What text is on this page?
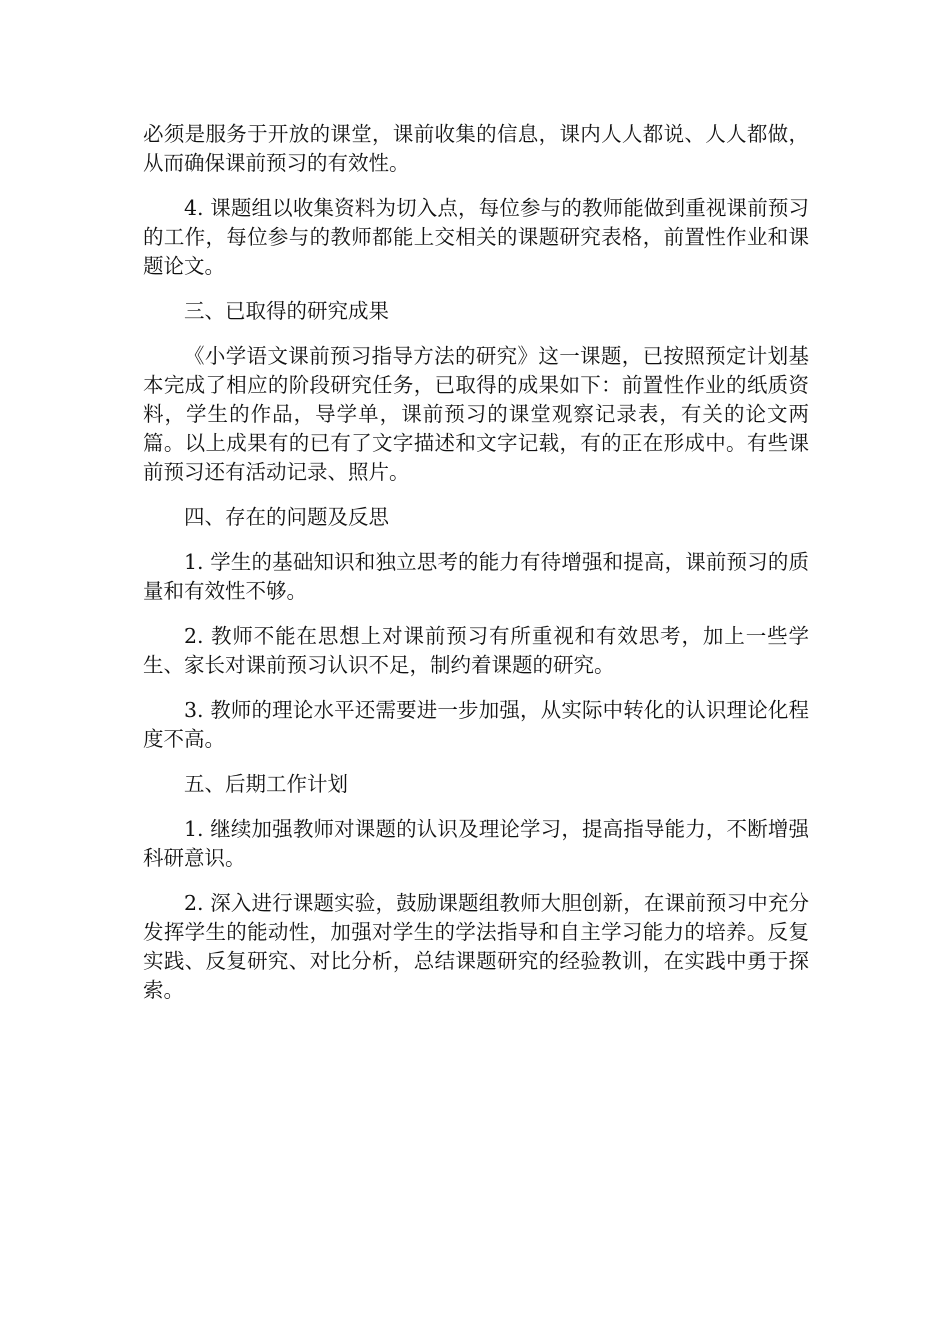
必须是服务于开放的课堂，课前收集的信息，课内人人都说、人人都做，从而确保课前预习的有效性。

4. 课题组以收集资料为切入点，每位参与的教师能做到重视课前预习的工作，每位参与的教师都能上交相关的课题研究表格，前置性作业和课题论文。

三、已取得的研究成果

《小学语文课前预习指导方法的研究》这一课题，已按照预定计划基本完成了相应的阶段研究任务，已取得的成果如下：前置性作业的纸质资料，学生的作品，导学单，课前预习的课堂观察记录表，有关的论文两篇。以上成果有的已有了文字描述和文字记载，有的正在形成中。有些课前预习还有活动记录、照片。

四、存在的问题及反思

1. 学生的基础知识和独立思考的能力有待增强和提高，课前预习的质量和有效性不够。

2. 教师不能在思想上对课前预习有所重视和有效思考，加上一些学生、家长对课前预习认识不足，制约着课题的研究。

3. 教师的理论水平还需要进一步加强，从实际中转化的认识理论化程度不高。

五、后期工作计划

1. 继续加强教师对课题的认识及理论学习，提高指导能力，不断增强科研意识。

2. 深入进行课题实验，鼓励课题组教师大胆创新，在课前预习中充分发挥学生的能动性，加强对学生的学法指导和自主学习能力的培养。反复实践、反复研究、对比分析，总结课题研究的经验教训，在实践中勇于探索。
